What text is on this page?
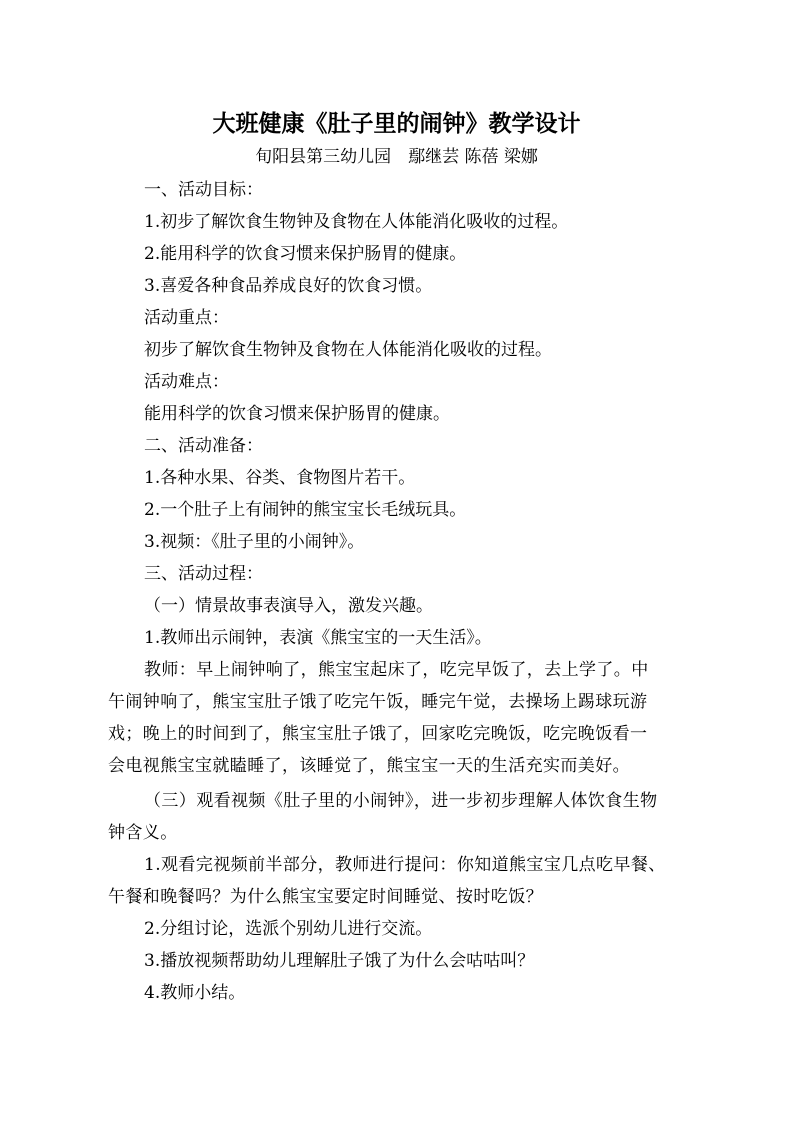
大班健康《肚子里的闹钟》教学设计
旬阳县第三幼儿园　鄢继芸 陈蓓 梁娜
一、活动目标：
1.初步了解饮食生物钟及食物在人体能消化吸收的过程。
2.能用科学的饮食习惯来保护肠胃的健康。
3.喜爱各种食品养成良好的饮食习惯。
活动重点：
初步了解饮食生物钟及食物在人体能消化吸收的过程。
活动难点：
能用科学的饮食习惯来保护肠胃的健康。
二、活动准备：
1.各种水果、谷类、食物图片若干。
2.一个肚子上有闹钟的熊宝宝长毛绒玩具。
3.视频：《肚子里的小闹钟》。
三、活动过程：
（一）情景故事表演导入，激发兴趣。
1.教师出示闹钟，表演《熊宝宝的一天生活》。
教师：早上闹钟响了，熊宝宝起床了，吃完早饭了，去上学了。中
午闹钟响了，熊宝宝肚子饿了吃完午饭，睡完午觉，去操场上踢球玩游
戏；晚上的时间到了，熊宝宝肚子饿了，回家吃完晚饭，吃完晚饭看一
会电视熊宝宝就瞌睡了，该睡觉了，熊宝宝一天的生活充实而美好。
（三）观看视频《肚子里的小闹钟》，进一步初步理解人体饮食生物
钟含义。
1.观看完视频前半部分，教师进行提问：你知道熊宝宝几点吃早餐、
午餐和晚餐吗？为什么熊宝宝要定时间睡觉、按时吃饭？
2.分组讨论，选派个别幼儿进行交流。
3.播放视频帮助幼儿理解肚子饿了为什么会咕咕叫？
4.教师小结。
